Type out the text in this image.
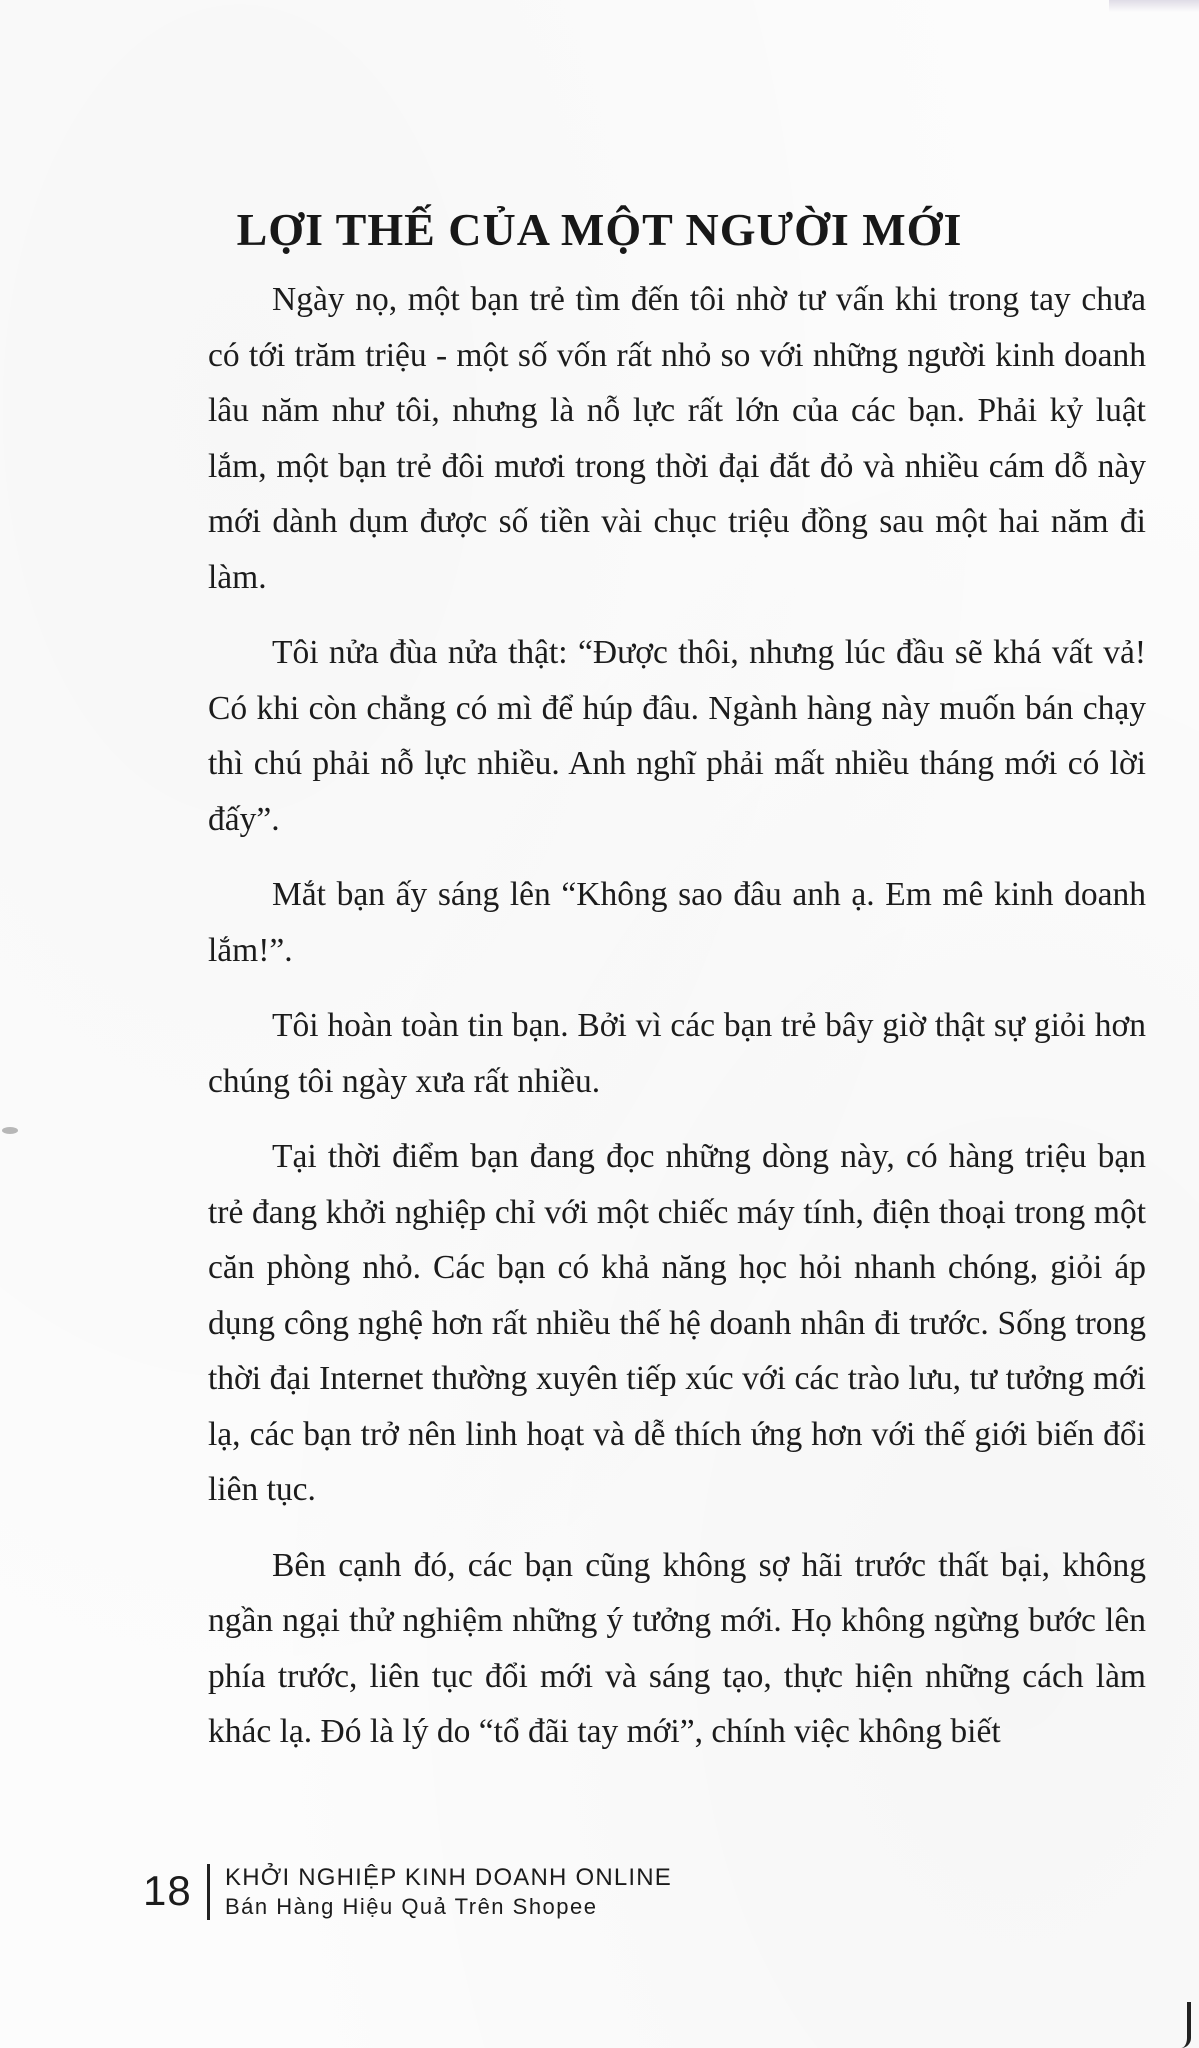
LỢI THẾ CỦA MỘT NGƯỜI MỚI

Ngày nọ, một bạn trẻ tìm đến tôi nhờ tư vấn khi trong tay chưa có tới trăm triệu - một số vốn rất nhỏ so với những người kinh doanh lâu năm như tôi, nhưng là nỗ lực rất lớn của các bạn. Phải kỷ luật lắm, một bạn trẻ đôi mươi trong thời đại đắt đỏ và nhiều cám dỗ này mới dành dụm được số tiền vài chục triệu đồng sau một hai năm đi làm.

Tôi nửa đùa nửa thật: “Được thôi, nhưng lúc đầu sẽ khá vất vả! Có khi còn chẳng có mì để húp đâu. Ngành hàng này muốn bán chạy thì chú phải nỗ lực nhiều. Anh nghĩ phải mất nhiều tháng mới có lời đấy”.

Mắt bạn ấy sáng lên “Không sao đâu anh ạ. Em mê kinh doanh lắm!”.

Tôi hoàn toàn tin bạn. Bởi vì các bạn trẻ bây giờ thật sự giỏi hơn chúng tôi ngày xưa rất nhiều.

Tại thời điểm bạn đang đọc những dòng này, có hàng triệu bạn trẻ đang khởi nghiệp chỉ với một chiếc máy tính, điện thoại trong một căn phòng nhỏ. Các bạn có khả năng học hỏi nhanh chóng, giỏi áp dụng công nghệ hơn rất nhiều thế hệ doanh nhân đi trước. Sống trong thời đại Internet thường xuyên tiếp xúc với các trào lưu, tư tưởng mới lạ, các bạn trở nên linh hoạt và dễ thích ứng hơn với thế giới biến đổi liên tục.

Bên cạnh đó, các bạn cũng không sợ hãi trước thất bại, không ngần ngại thử nghiệm những ý tưởng mới. Họ không ngừng bước lên phía trước, liên tục đổi mới và sáng tạo, thực hiện những cách làm khác lạ. Đó là lý do “tổ đãi tay mới”, chính việc không biết

18 KHỞI NGHIỆP KINH DOANH ONLINE
Bán Hàng Hiệu Quả Trên Shopee
